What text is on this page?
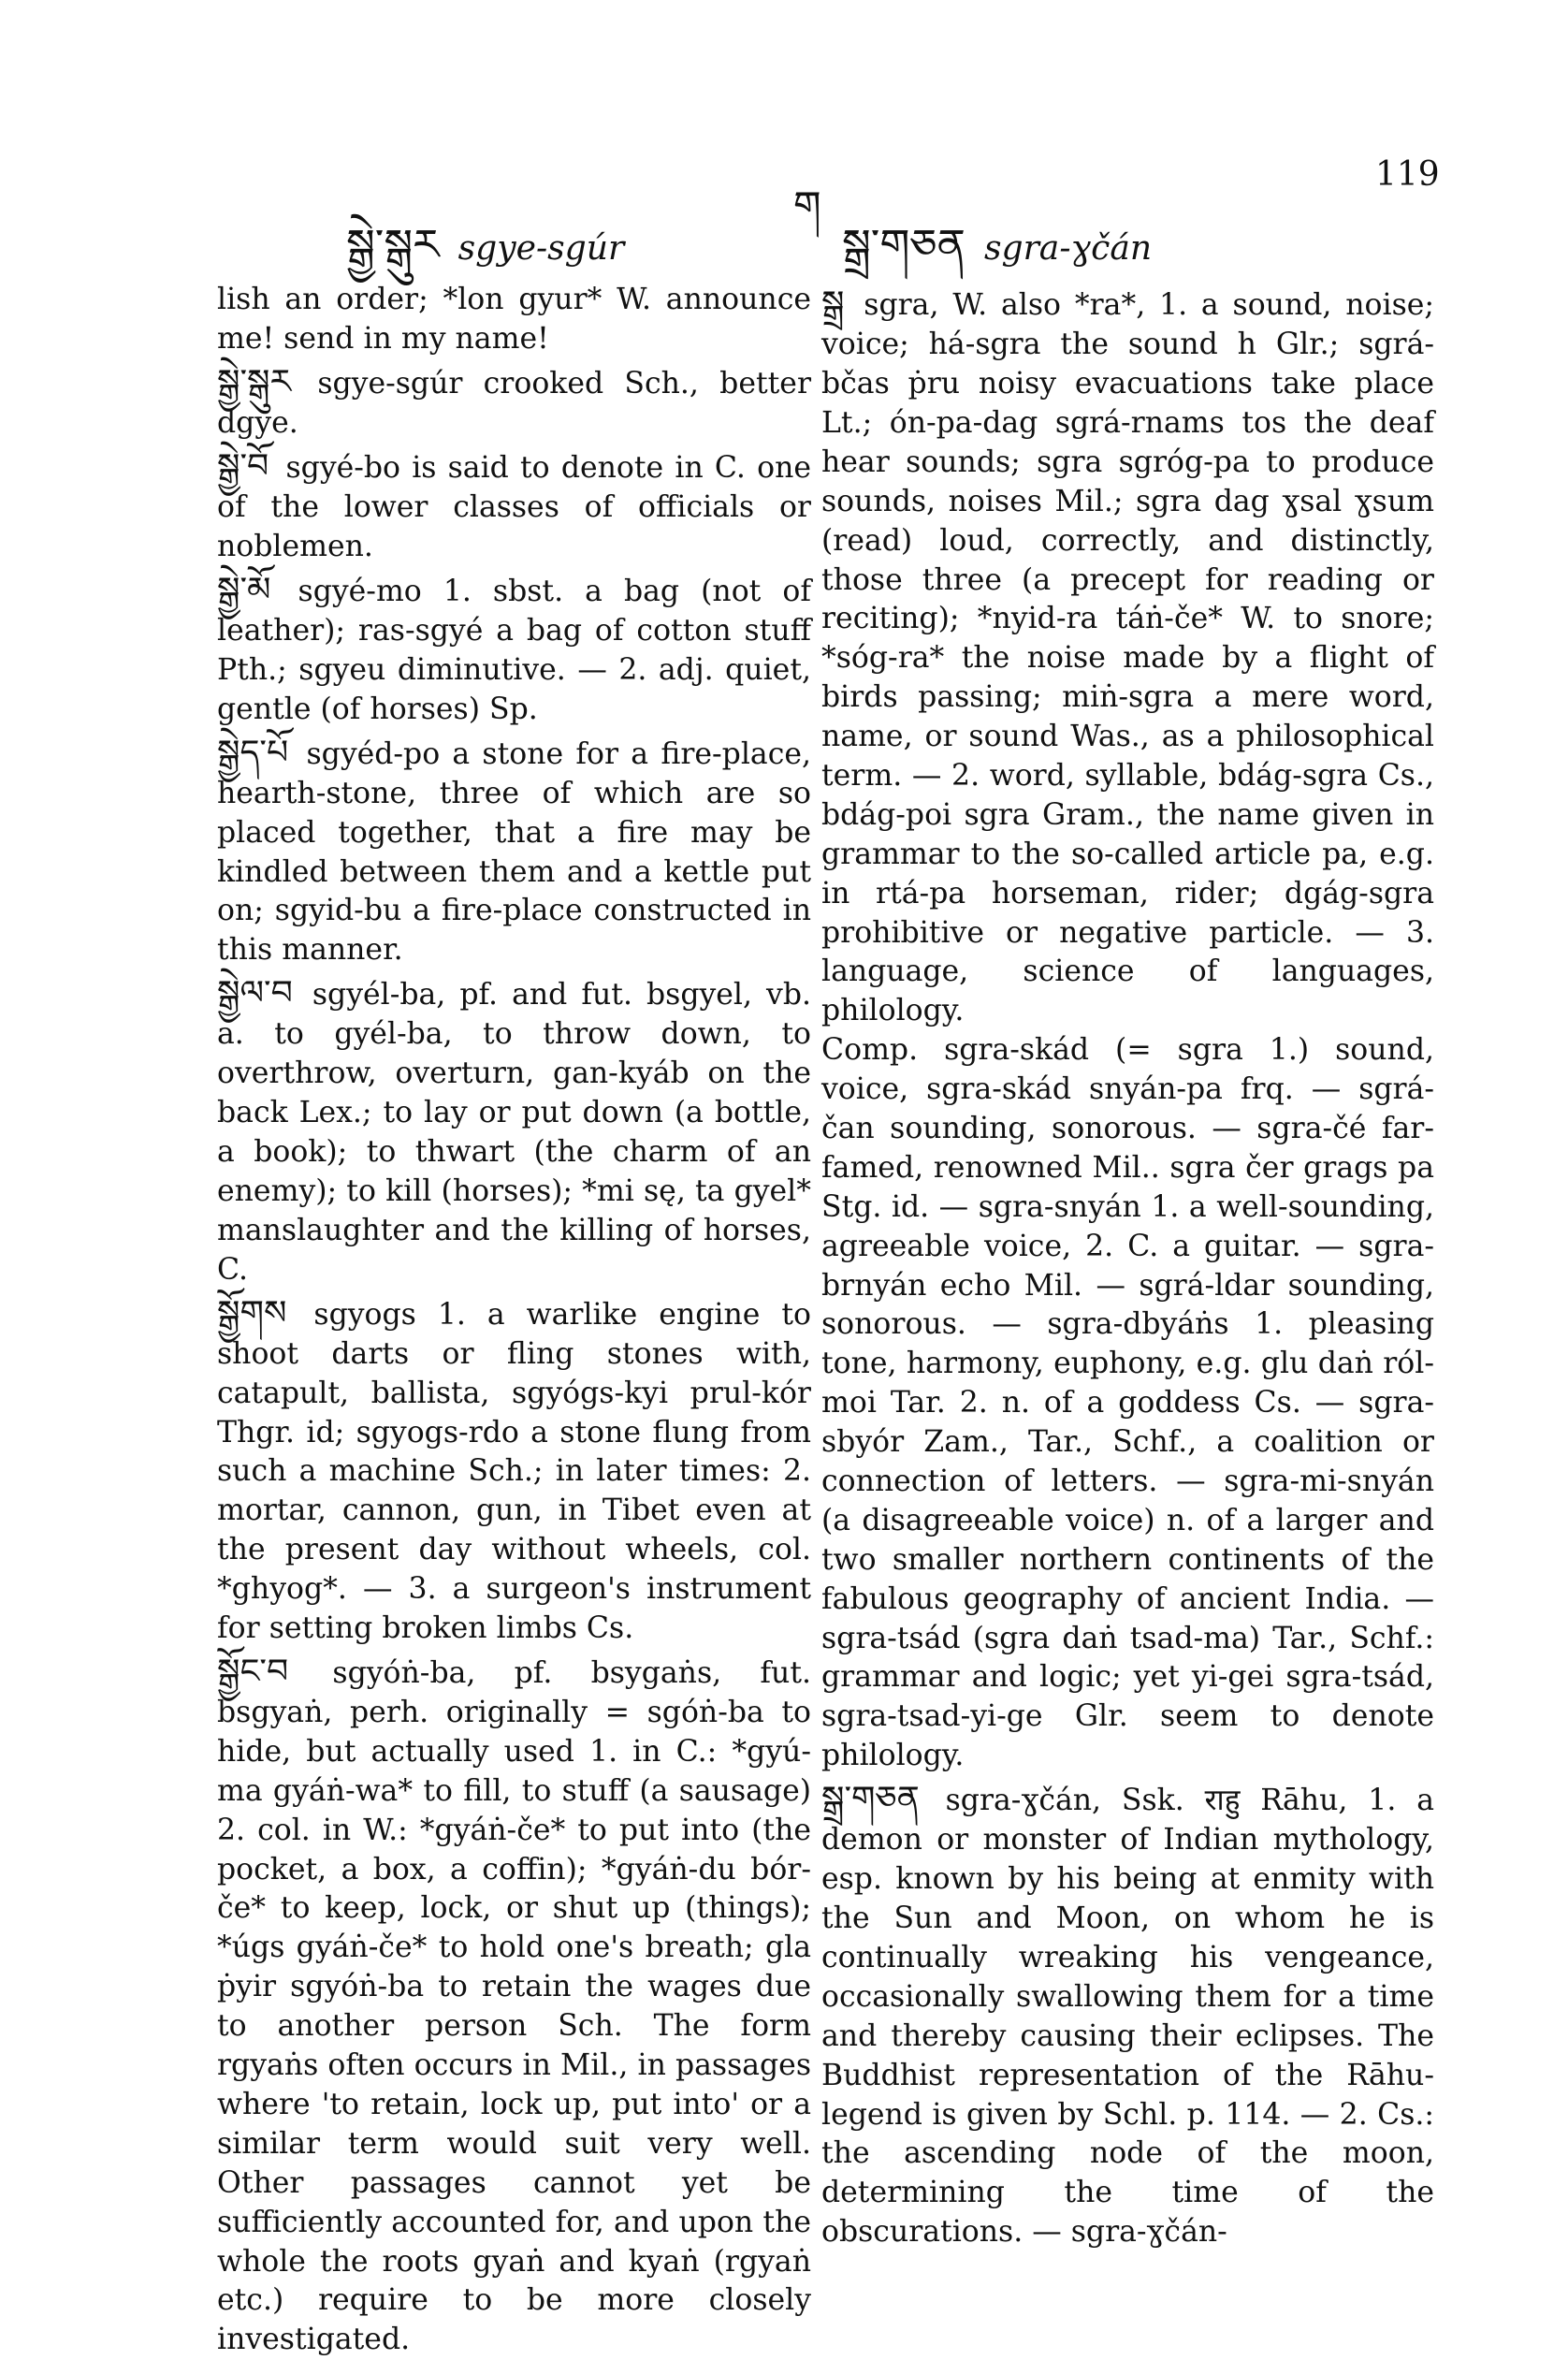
སྒྱེ་སྒུར sgye-sgúr
ག
སྒྲ་གཅན sgra-ɣčán
119

lish an order; *lon gyur* W. announce me! send in my name!

སྒྱེ་སྒུར sgye-sgúr crooked Sch., better dgye.

སྒྱེ་བོ sgyé-bo is said to denote in C. one of the lower classes of officials or noblemen.

སྒྱེ་མོ sgyé-mo 1. sbst. a bag (not of leather); ras-sgyé a bag of cotton stuff Pth.; sgyeu diminutive. — 2. adj. quiet, gentle (of horses) Sp.

སྒྱེད་པོ sgyéd-po a stone for a fire-place, hearth-stone, three of which are so placed together, that a fire may be kindled between them and a kettle put on; sgyid-bu a fire-place constructed in this manner.

སྒྱེལ་བ sgyél-ba, pf. and fut. bsgyel, vb. a. to gyél-ba, to throw down, to overthrow, overturn, gan-kyáb on the back Lex.; to lay or put down (a bottle, a book); to thwart (the charm of an enemy); to kill (horses); *mi sę, ta gyel* manslaughter and the killing of horses, C.

སྒྱོགས sgyogs 1. a warlike engine to shoot darts or fling stones with, catapult, ballista, sgyógs-kyi prul-kór Thgr. id; sgyogs-rdo a stone flung from such a machine Sch.; in later times: 2. mortar, cannon, gun, in Tibet even at the present day without wheels, col. *ghyog*. — 3. a surgeon's instrument for setting broken limbs Cs.

སྒྱོང་བ sgyóṅ-ba, pf. bsygaṅs, fut. bsgyaṅ, perh. originally = sgóṅ-ba to hide, but actually used 1. in C.: *gyú-ma gyáṅ-wa* to fill, to stuff (a sausage) 2. col. in W.: *gyáṅ-če* to put into (the pocket, a box, a coffin); *gyáṅ-du bór-če* to keep, lock, or shut up (things); *úgs gyáṅ-če* to hold one's breath; gla ṗyir sgyóṅ-ba to retain the wages due to another person Sch. The form rgyaṅs often occurs in Mil., in passages where 'to retain, lock up, put into' or a similar term would suit very well. Other passages cannot yet be sufficiently accounted for, and upon the whole the roots gyaṅ and kyaṅ (rgyaṅ etc.) require to be more closely investigated.

སྒྲ sgra, W. also *ra*, 1. a sound, noise; voice; há-sgra the sound h Glr.; sgrá-bčas ṗru noisy evacuations take place Lt.; ón-pa-dag sgrá-rnams tos the deaf hear sounds; sgra sgróg-pa to produce sounds, noises Mil.; sgra dag ɣsal ɣsum (read) loud, correctly, and distinctly, those three (a precept for reading or reciting); *nyid-ra táṅ-če* W. to snore; *sóg-ra* the noise made by a flight of birds passing; miṅ-sgra a mere word, name, or sound Was., as a philosophical term. — 2. word, syllable, bdág-sgra Cs., bdág-poi sgra Gram., the name given in grammar to the so-called article pa, e.g. in rtá-pa horseman, rider; dgág-sgra prohibitive or negative particle. — 3. language, science of languages, philology.

Comp. sgra-skád (= sgra 1.) sound, voice, sgra-skád snyán-pa frq. — sgrá-čan sounding, sonorous. — sgra-čé far-famed, renowned Mil.. sgra čer grags pa Stg. id. — sgra-snyán 1. a well-sounding, agreeable voice, 2. C. a guitar. — sgra-brnyán echo Mil. — sgrá-ldar sounding, sonorous. — sgra-dbyáṅs 1. pleasing tone, harmony, euphony, e.g. glu daṅ ról-moi Tar. 2. n. of a goddess Cs. — sgra-sbyór Zam., Tar., Schf., a coalition or connection of letters. — sgra-mi-snyán (a disagreeable voice) n. of a larger and two smaller northern continents of the fabulous geography of ancient India. — sgra-tsád (sgra daṅ tsad-ma) Tar., Schf.: grammar and logic; yet yi-gei sgra-tsád, sgra-tsad-yi-ge Glr. seem to denote philology.

སྒྲ་གཅན sgra-ɣčán, Ssk. राहु Rāhu, 1. a demon or monster of Indian mythology, esp. known by his being at enmity with the Sun and Moon, on whom he is continually wreaking his vengeance, occasionally swallowing them for a time and thereby causing their eclipses. The Buddhist representation of the Rāhu-legend is given by Schl. p. 114. — 2. Cs.: the ascending node of the moon, determining the time of the obscurations. — sgra-ɣčán-
